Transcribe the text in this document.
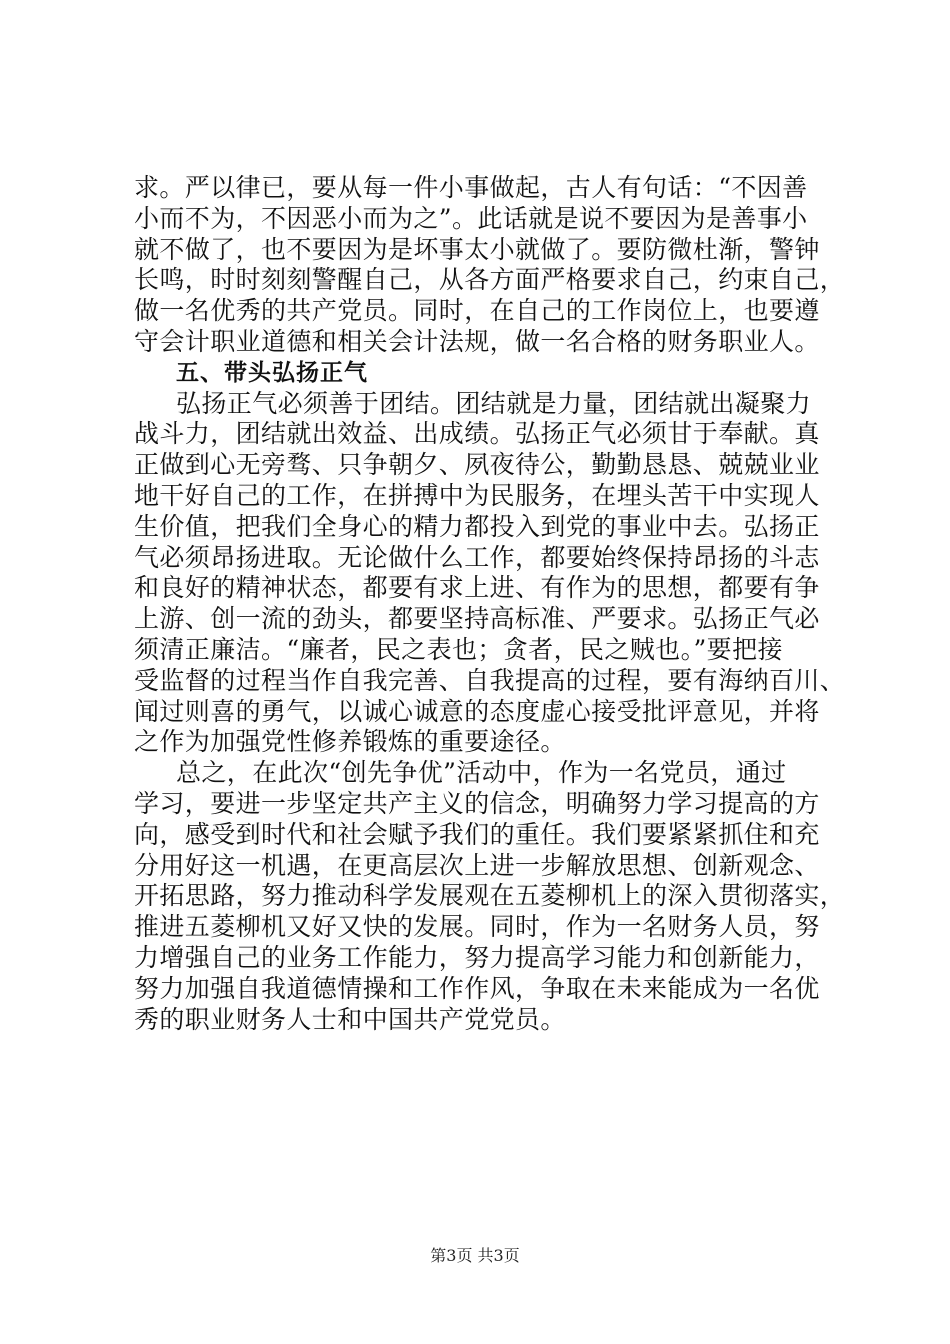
求。严以律已，要从每一件小事做起，古人有句话：“不因善
小而不为，不因恶小而为之”。此话就是说不要因为是善事小
就不做了，也不要因为是坏事太小就做了。要防微杜渐，警钟
长鸣，时时刻刻警醒自己，从各方面严格要求自己，约束自己，
做一名优秀的共产党员。同时，在自己的工作岗位上，也要遵
守会计职业道德和相关会计法规，做一名合格的财务职业人。
五、带头弘扬正气
弘扬正气必须善于团结。团结就是力量，团结就出凝聚力
战斗力，团结就出效益、出成绩。弘扬正气必须甘于奉献。真
正做到心无旁骛、只争朝夕、夙夜待公，勤勤恳恳、兢兢业业
地干好自己的工作，在拼搏中为民服务，在埋头苦干中实现人
生价值，把我们全身心的精力都投入到党的事业中去。弘扬正
气必须昂扬进取。无论做什么工作，都要始终保持昂扬的斗志
和良好的精神状态，都要有求上进、有作为的思想，都要有争
上游、创一流的劲头，都要坚持高标准、严要求。弘扬正气必
须清正廉洁。“廉者，民之表也；贪者，民之贼也。”要把接
受监督的过程当作自我完善、自我提高的过程，要有海纳百川、
闻过则喜的勇气，以诚心诚意的态度虚心接受批评意见，并将
之作为加强党性修养锻炼的重要途径。
总之，在此次“创先争优”活动中，作为一名党员，通过
学习，要进一步坚定共产主义的信念，明确努力学习提高的方
向，感受到时代和社会赋予我们的重任。我们要紧紧抓住和充
分用好这一机遇，在更高层次上进一步解放思想、创新观念、
开拓思路，努力推动科学发展观在五菱柳机上的深入贯彻落实，
推进五菱柳机又好又快的发展。同时，作为一名财务人员，努
力增强自己的业务工作能力，努力提高学习能力和创新能力，
努力加强自我道德情操和工作作风，争取在未来能成为一名优
秀的职业财务人士和中国共产党党员。
第3页 共3页
